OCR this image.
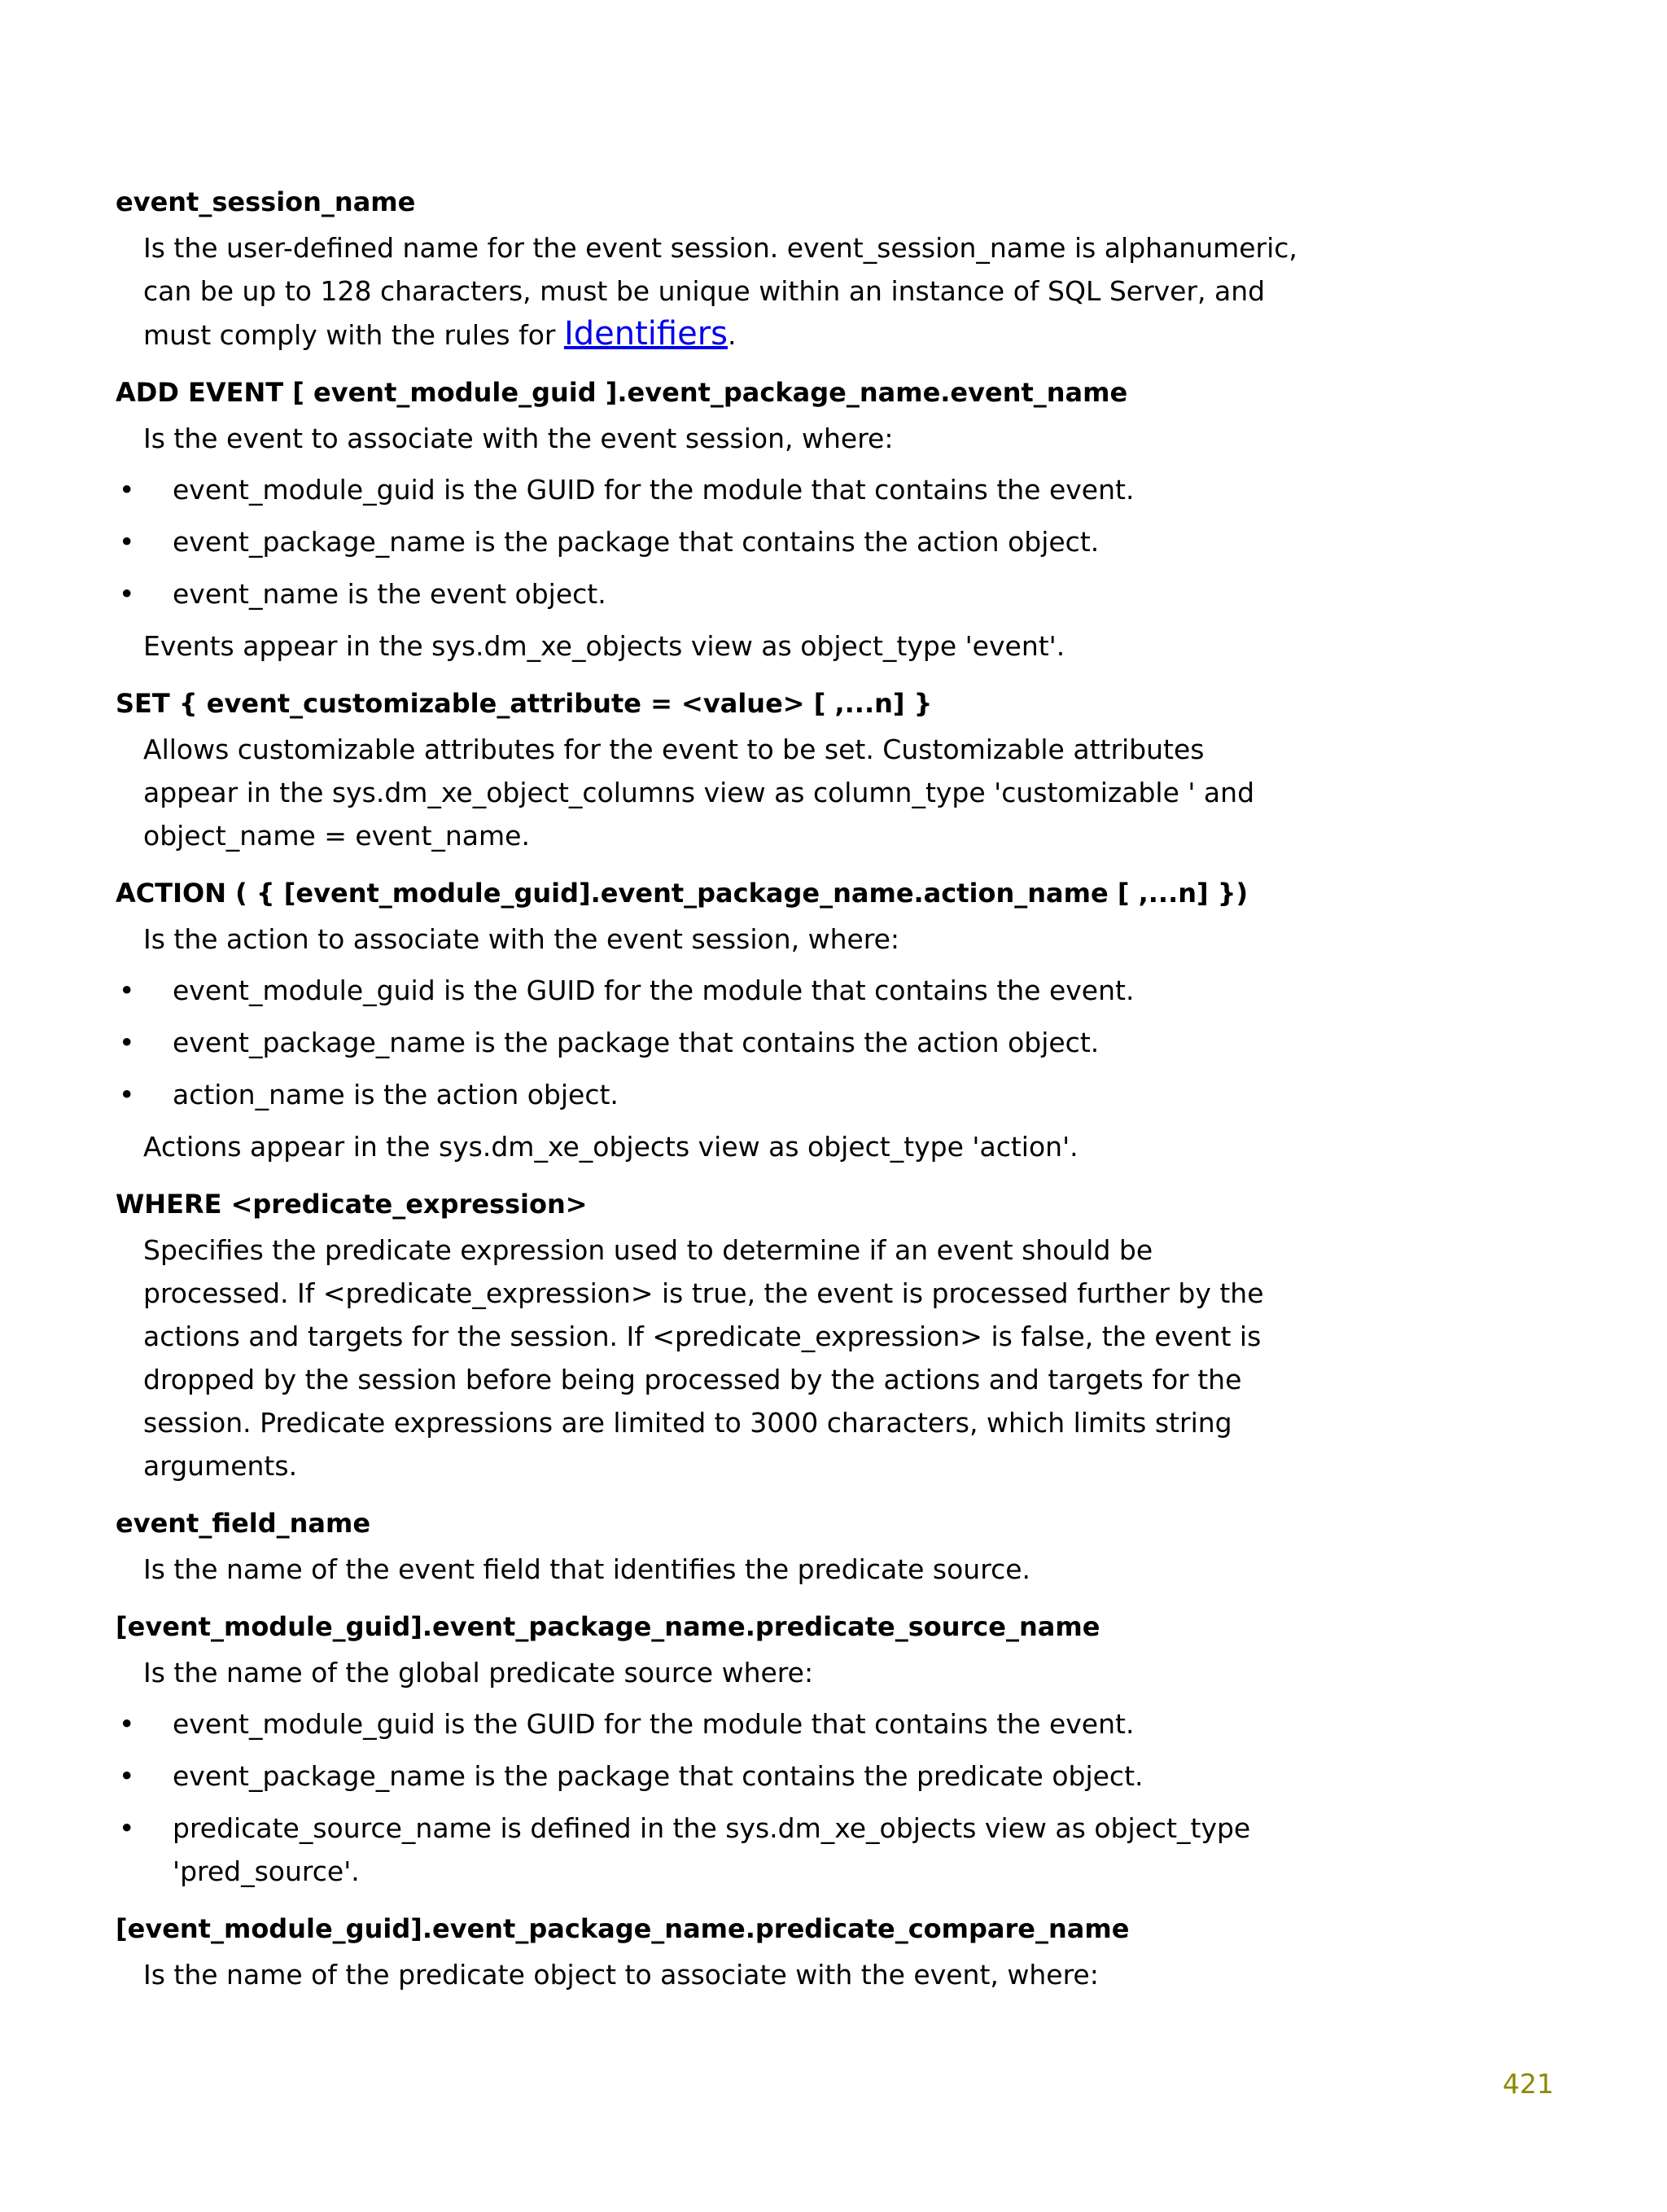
event_session_name

Is the user-defined name for the event session. event_session_name is alphanumeric, can be up to 128 characters, must be unique within an instance of SQL Server, and must comply with the rules for Identifiers.

ADD EVENT [ event_module_guid ].event_package_name.event_name

Is the event to associate with the event session, where:

• event_module_guid is the GUID for the module that contains the event.
• event_package_name is the package that contains the action object.
• event_name is the event object.

Events appear in the sys.dm_xe_objects view as object_type 'event'.

SET { event_customizable_attribute = <value> [ ,...n] }

Allows customizable attributes for the event to be set. Customizable attributes appear in the sys.dm_xe_object_columns view as column_type 'customizable ' and object_name = event_name.

ACTION ( { [event_module_guid].event_package_name.action_name [ ,...n] })

Is the action to associate with the event session, where:

• event_module_guid is the GUID for the module that contains the event.
• event_package_name is the package that contains the action object.
• action_name is the action object.

Actions appear in the sys.dm_xe_objects view as object_type 'action'.

WHERE <predicate_expression>

Specifies the predicate expression used to determine if an event should be processed. If <predicate_expression> is true, the event is processed further by the actions and targets for the session. If <predicate_expression> is false, the event is dropped by the session before being processed by the actions and targets for the session. Predicate expressions are limited to 3000 characters, which limits string arguments.

event_field_name

Is the name of the event field that identifies the predicate source.

[event_module_guid].event_package_name.predicate_source_name

Is the name of the global predicate source where:

• event_module_guid is the GUID for the module that contains the event.
• event_package_name is the package that contains the predicate object.
• predicate_source_name is defined in the sys.dm_xe_objects view as object_type 'pred_source'.

[event_module_guid].event_package_name.predicate_compare_name

Is the name of the predicate object to associate with the event, where:

421
